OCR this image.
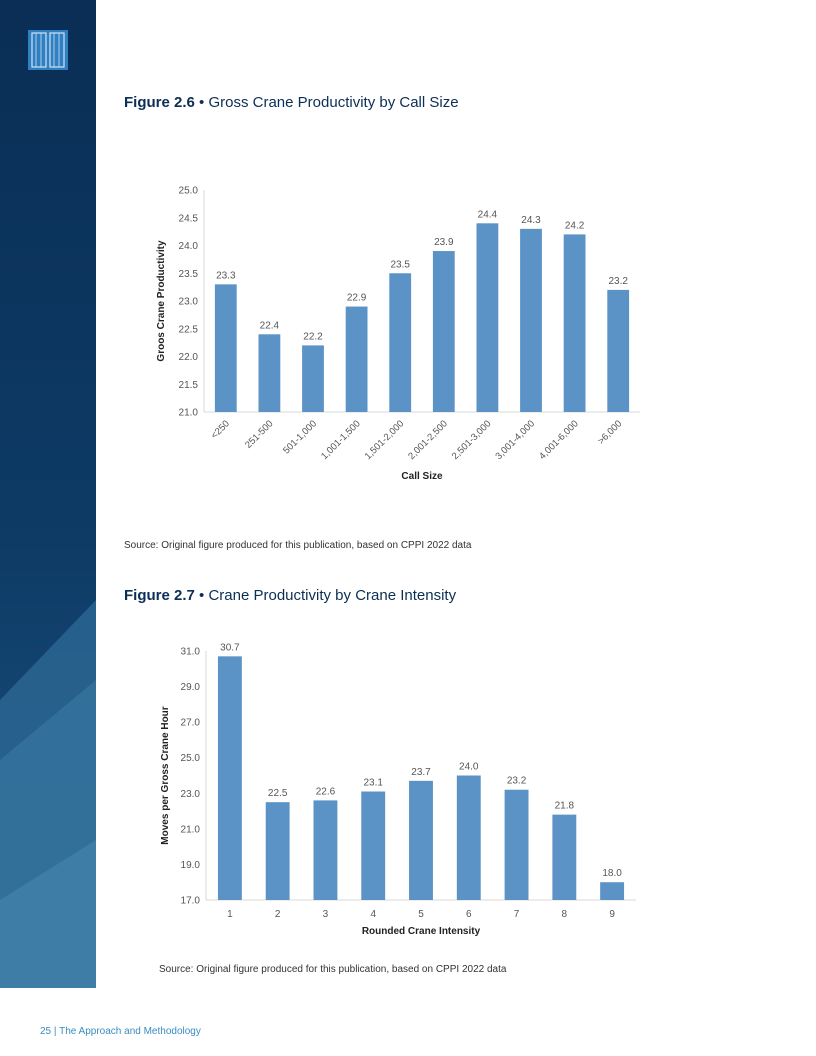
Figure 2.6 • Gross Crane Productivity by Call Size
21.0
21.5
22.0
22.5
23.0
23.5
24.0
24.5
25.0
23.3
<250
22.4
251-500
22.2
501-1,000
22.9
1,001-1,500
23.5
1,501-2,000
23.9
2,001-2,500
24.4
2,501-3,000
24.3
3,001-4,000
24.2
4,001-6,000
23.2
>6,000
Call Size
Groos Crane Productivity
Source: Original figure produced for this publication, based on CPPI 2022 data
Figure 2.7 • Crane Productivity by Crane Intensity
17.0
19.0
21.0
23.0
25.0
27.0
29.0
31.0 30.7
1
22.5
2
22.6
3
23.1
4
23.7
5
24.0
6
23.2
7
21.8
8
18.0
9
Rounded Crane Intensity
Moves per Gross Crane Hour
Source: Original figure produced for this publication, based on CPPI 2022 data
25 | The Approach and Methodology
